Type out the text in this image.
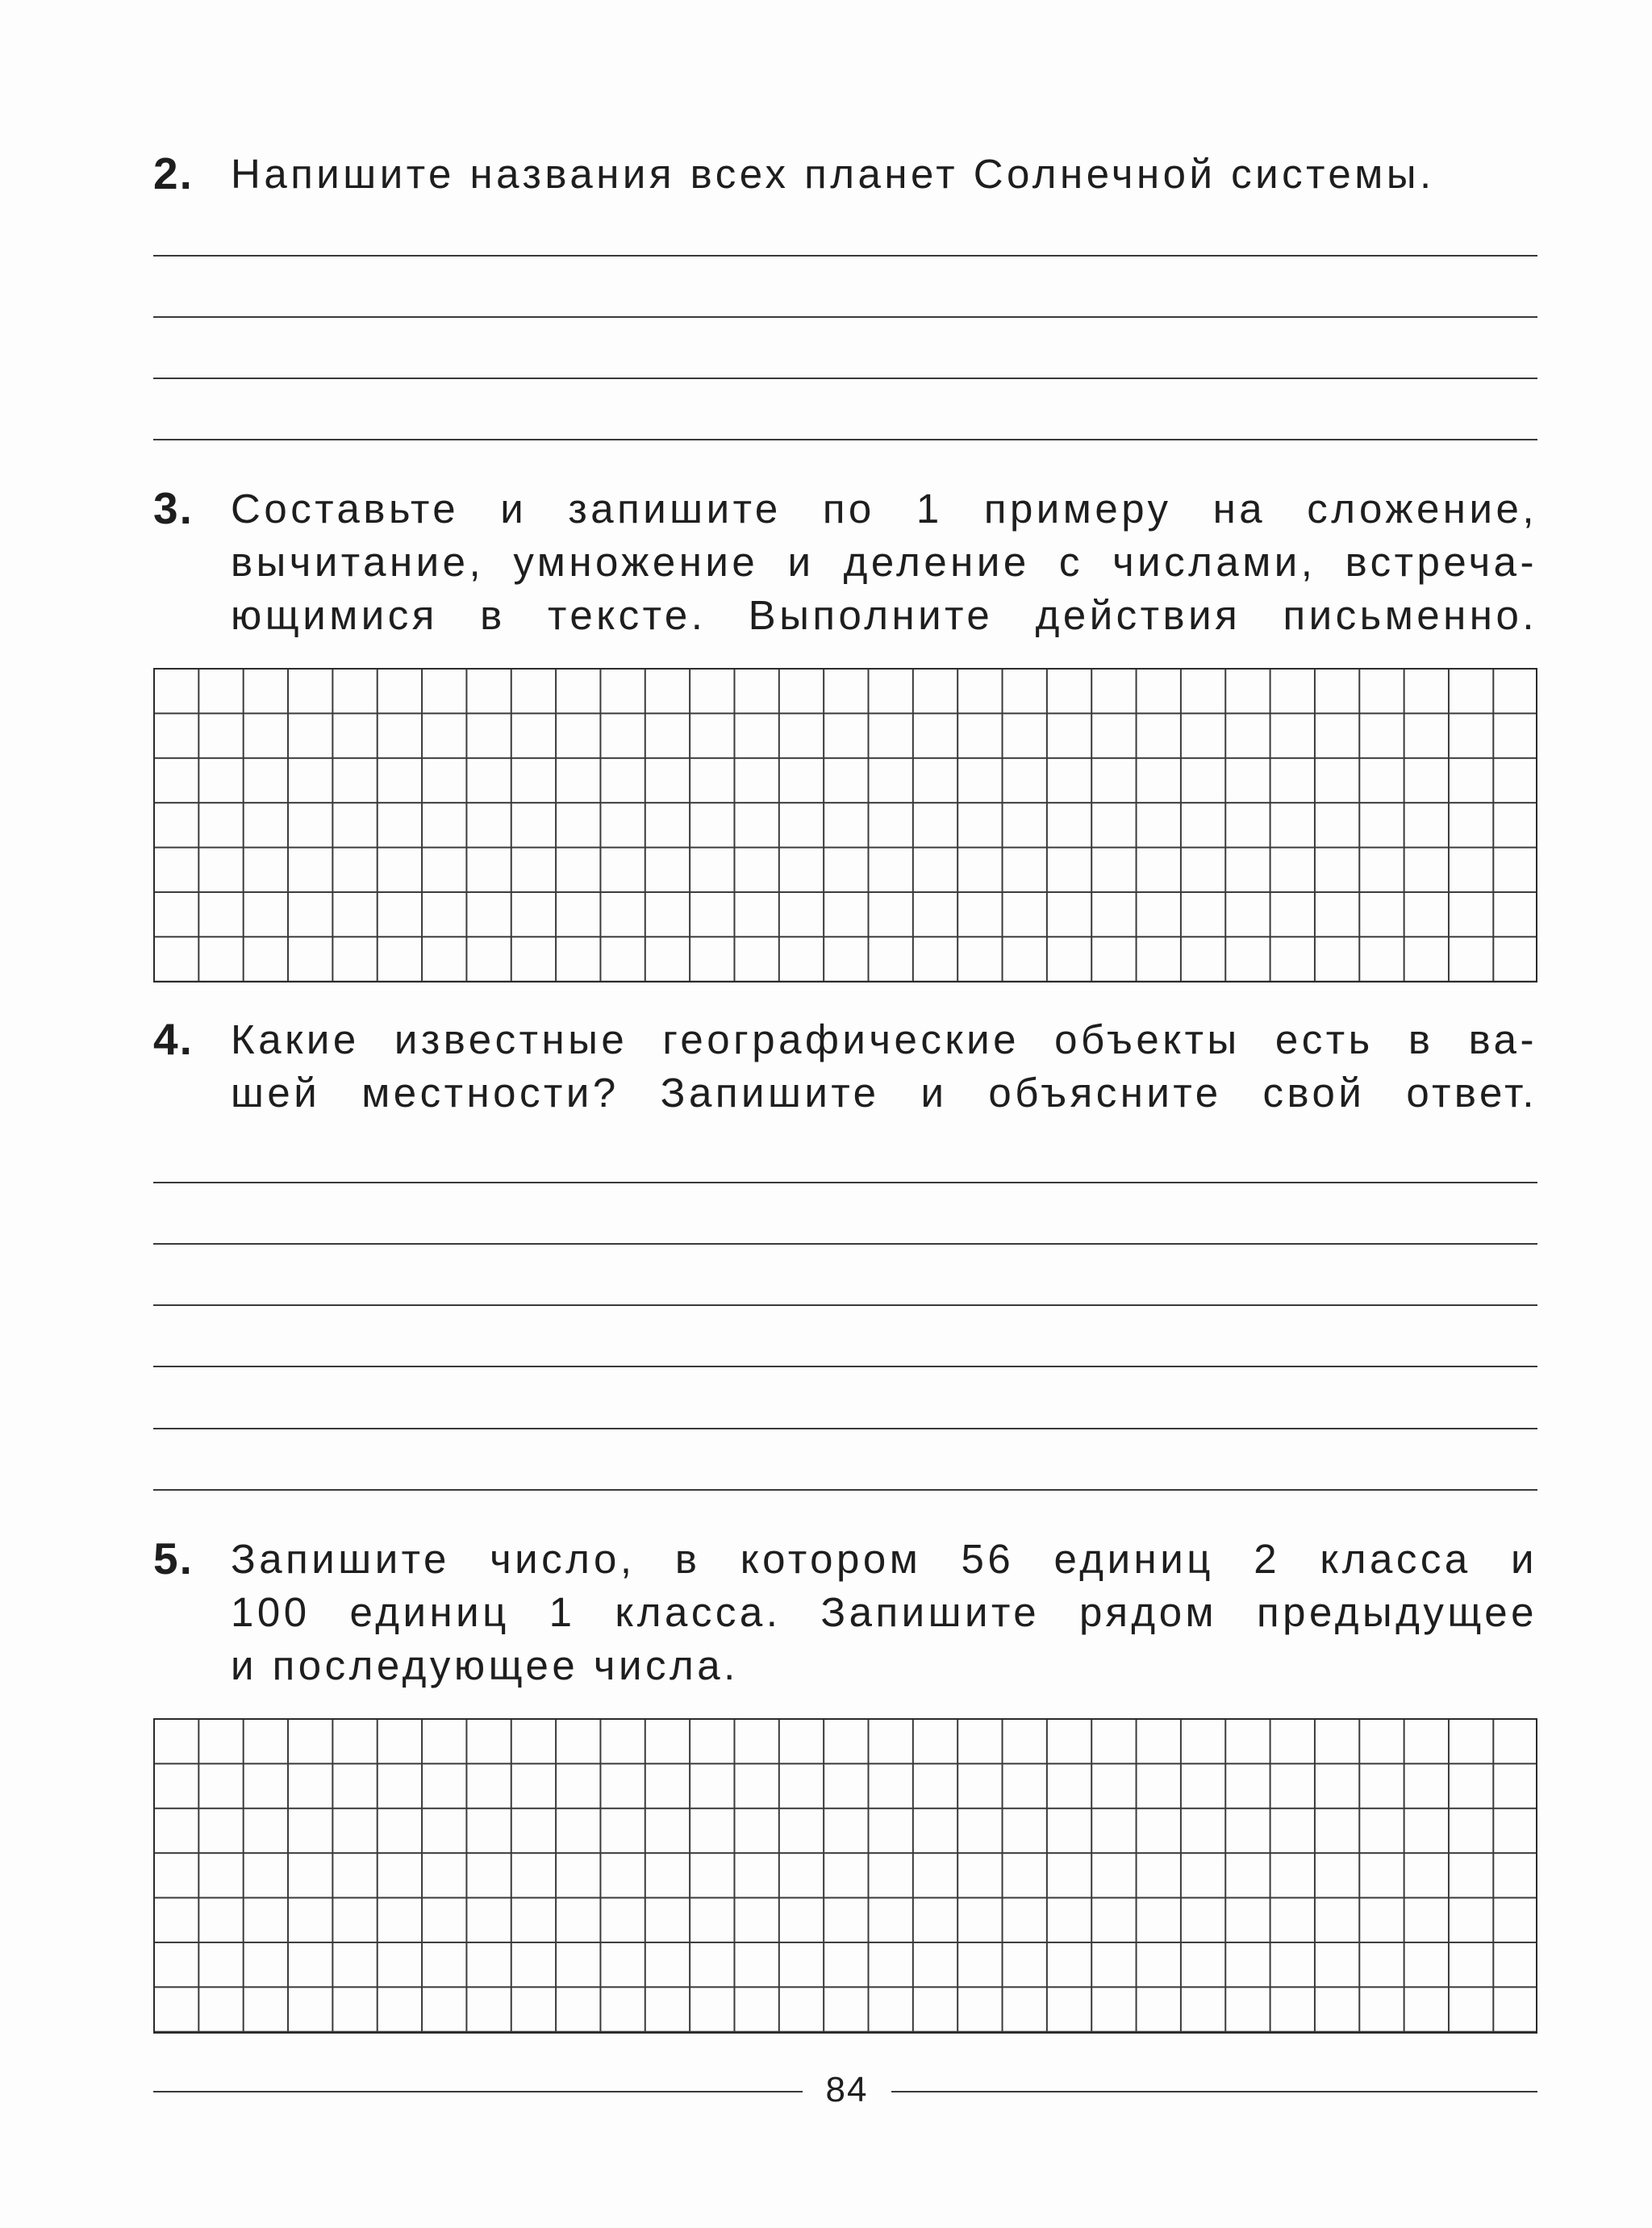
2. Напишите названия всех планет Солнечной системы.
3. Составьте и запишите по 1 примеру на сложение,
вычитание, умножение и деление с числами, встреча-
ющимися в тексте. Выполните действия письменно.
4. Какие известные географические объекты есть в ва-
шей местности? Запишите и объясните свой ответ.
5. Запишите число, в котором 56 единиц 2 класса и
100 единиц 1 класса. Запишите рядом предыдущее
и последующее числа.
84
